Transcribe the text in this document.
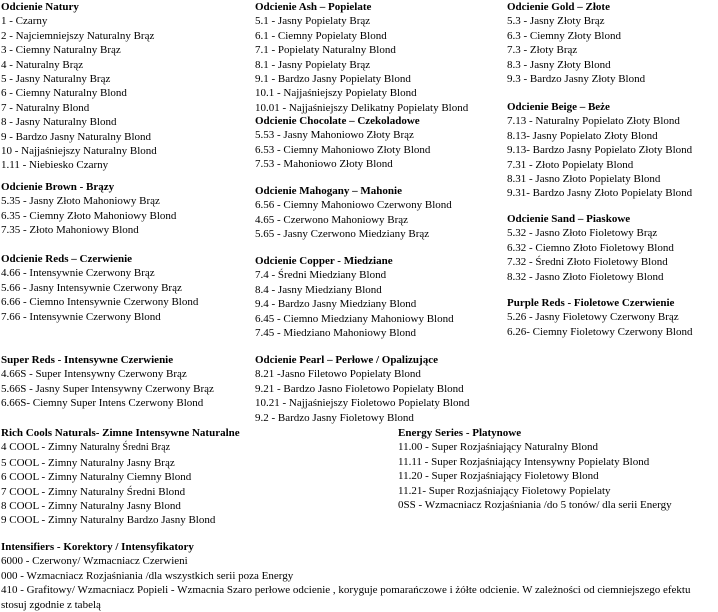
Odcienie Natury
1 - Czarny
2 - Najciemniejszy Naturalny Brąz
3 - Ciemny Naturalny Brąz
4 - Naturalny Brąz
5 - Jasny Naturalny Brąz
6 - Ciemny Naturalny Blond
7 - Naturalny Blond
8 - Jasny Naturalny Blond
9 - Bardzo Jasny Naturalny Blond
10 - Najjaśniejszy Naturalny Blond
1.11 - Niebiesko Czarny
Odcienie Ash – Popielate
5.1 - Jasny Popielaty Brąz
6.1 - Ciemny Popielaty Blond
7.1 - Popielaty Naturalny Blond
8.1 - Jasny Popielaty Brąz
9.1 - Bardzo Jasny Popielaty Blond
10.1 - Najjaśniejszy Popielaty Blond
10.01 - Najjaśniejszy Delikatny Popielaty Blond
Odcienie Gold – Złote
5.3 - Jasny Złoty Brąz
6.3 - Ciemny Złoty Blond
7.3 - Złoty Brąz
8.3 - Jasny Złoty Blond
9.3 - Bardzo Jasny Złoty Blond
Odcienie Beige – Beże
7.13 - Naturalny Popielato Złoty Blond
8.13- Jasny Popielato Złoty Blond
9.13- Bardzo Jasny Popielato Złoty Blond
7.31 - Złoto Popielaty Blond
8.31 - Jasno Złoto Popielaty Blond
9.31- Bardzo Jasny Złoto Popielaty Blond
Odcienie Chocolate – Czekoladowe
5.53 - Jasny Mahoniowo Złoty Brąz
6.53 - Ciemny Mahoniowo Złoty Blond
7.53 - Mahoniowo Złoty Blond
Odcienie Brown - Brązy
5.35 - Jasny Złoto Mahoniowy Brąz
6.35 - Ciemny Złoto Mahoniowy Blond
7.35 - Złoto Mahoniowy Blond
Odcienie Mahogany – Mahonie
6.56 - Ciemny Mahoniowo Czerwony Blond
4.65 - Czerwono Mahoniowy Brąz
5.65 - Jasny Czerwono Miedziany Brąz
Odcienie Sand – Piaskowe
5.32 - Jasno Złoto Fioletowy Brąz
6.32 - Ciemno Złoto Fioletowy Blond
7.32 - Średni Złoto Fioletowy Blond
8.32 - Jasno Złoto Fioletowy Blond
Odcienie Reds – Czerwienie
4.66 - Intensywnie Czerwony Brąz
5.66 - Jasny Intensywnie Czerwony Brąz
6.66 - Ciemno Intensywnie Czerwony Blond
7.66 - Intensywnie Czerwony Blond
Odcienie Copper - Miedziane
7.4 - Średni Miedziany Blond
8.4 - Jasny Miedziany Blond
9.4 - Bardzo Jasny Miedziany Blond
6.45 - Ciemno Miedziany Mahoniowy Blond
7.45 - Miedziano Mahoniowy Blond
Purple Reds - Fioletowe Czerwienie
5.26 - Jasny Fioletowy Czerwony Brąz
6.26- Ciemny Fioletowy Czerwony Blond
Super Reds - Intensywne Czerwienie
4.66S - Super Intensywny Czerwony Brąz
5.66S - Jasny Super Intensywny Czerwony Brąz
6.66S- Ciemny Super Intens Czerwony Blond
Odcienie Pearl – Perłowe / Opalizujące
8.21 -Jasno Filetowo Popielaty Blond
9.21 - Bardzo Jasno Fioletowo Popielaty Blond
10.21 - Najjaśniejszy Fioletowo Popielaty Blond
9.2 - Bardzo Jasny Fioletowy Blond
Rich Cools Naturals- Zimne Intensywne Naturalne
4 COOL - Zimny Naturalny Średni Brąz
5 COOL - Zimny Naturalny Jasny Brąz
6 COOL - Zimny Naturalny Ciemny Blond
7 COOL - Zimny Naturalny Średni Blond
8 COOL - Zimny Naturalny Jasny Blond
9 COOL - Zimny Naturalny Bardzo Jasny Blond
Energy Series - Platynowe
11.00 - Super Rozjaśniający Naturalny Blond
11.11 - Super Rozjaśniający Intensywny Popielaty Blond
11.20 - Super Rozjaśniający Fioletowy Blond
11.21- Super Rozjaśniający Fioletowy Popielaty
0SS - Wzmacniacz Rozjaśniania /do 5 tonów/ dla serii Energy
Intensifiers - Korektory / Intensyfikatory
6000 - Czerwony/ Wzmacniacz Czerwieni
000 - Wzmacniacz Rozjaśniania /dla wszystkich serii poza Energy
410 - Grafitowy/ Wzmacniacz Popieli - Wzmacnia Szaro perłowe odcienie , koryguje pomarańczowe i żółte odcienie. W zależności od ciemniejszego efektu stosuj zgodnie z tabelą
